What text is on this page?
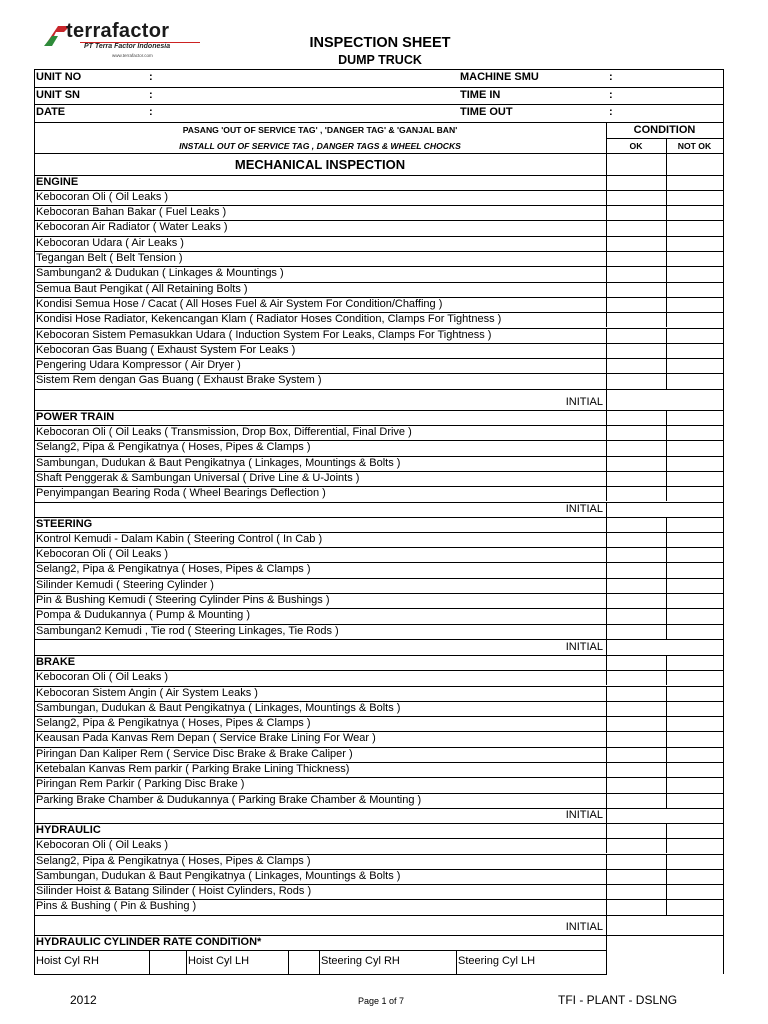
terrafactor
PT Terra Factor Indonesia
www.terrafactor.com
INSPECTION SHEET
DUMP TRUCK
UNIT NO	:	MACHINE SMU	:
UNIT SN	:	TIME IN	:
DATE	:	TIME OUT	:
PASANG 'OUT OF SERVICE TAG' , 'DANGER TAG' & 'GANJAL BAN'	CONDITION
INSTALL OUT OF SERVICE TAG , DANGER TAGS & WHEEL CHOCKS	OK	NOT OK
MECHANICAL INSPECTION
ENGINE
Kebocoran Oli ( Oil Leaks )
Kebocoran Bahan Bakar ( Fuel Leaks )
Kebocoran Air Radiator ( Water Leaks )
Kebocoran Udara ( Air Leaks )
Tegangan Belt ( Belt Tension )
Sambungan2 & Dudukan ( Linkages & Mountings )
Semua Baut Pengikat ( All Retaining Bolts )
Kondisi Semua Hose / Cacat ( All Hoses Fuel & Air System For Condition/Chaffing )
Kondisi Hose Radiator, Kekencangan Klam ( Radiator Hoses Condition, Clamps For Tightness )
Kebocoran Sistem Pemasukkan Udara ( Induction System For Leaks, Clamps For Tightness )
Kebocoran Gas Buang ( Exhaust System For Leaks )
Pengering Udara Kompressor ( Air Dryer )
Sistem Rem dengan Gas Buang ( Exhaust Brake System )
INITIAL
POWER TRAIN
Kebocoran Oli ( Oil Leaks ( Transmission, Drop Box, Differential, Final Drive )
Selang2, Pipa & Pengikatnya ( Hoses, Pipes & Clamps )
Sambungan, Dudukan & Baut Pengikatnya ( Linkages, Mountings & Bolts )
Shaft Penggerak & Sambungan Universal ( Drive Line & U-Joints )
Penyimpangan Bearing Roda ( Wheel Bearings Deflection )
INITIAL
STEERING
Kontrol Kemudi - Dalam Kabin ( Steering Control ( In Cab )
Kebocoran Oli ( Oil Leaks )
Selang2, Pipa & Pengikatnya ( Hoses, Pipes & Clamps )
Silinder Kemudi ( Steering Cylinder )
Pin & Bushing Kemudi ( Steering Cylinder Pins & Bushings )
Pompa & Dudukannya ( Pump & Mounting )
Sambungan2 Kemudi , Tie rod ( Steering Linkages, Tie Rods )
INITIAL
BRAKE
Kebocoran Oli ( Oil Leaks )
Kebocoran Sistem Angin ( Air System Leaks )
Sambungan, Dudukan & Baut Pengikatnya ( Linkages, Mountings & Bolts )
Selang2, Pipa & Pengikatnya ( Hoses, Pipes & Clamps )
Keausan Pada Kanvas Rem Depan ( Service Brake Lining For Wear )
Piringan Dan Kaliper Rem ( Service Disc Brake & Brake Caliper )
Ketebalan Kanvas Rem parkir ( Parking Brake Lining Thickness)
Piringan Rem Parkir ( Parking Disc Brake )
Parking Brake Chamber & Dudukannya ( Parking Brake Chamber & Mounting )
INITIAL
HYDRAULIC
Kebocoran Oli ( Oil Leaks )
Selang2, Pipa & Pengikatnya ( Hoses, Pipes & Clamps )
Sambungan, Dudukan & Baut Pengikatnya ( Linkages, Mountings & Bolts )
Silinder Hoist & Batang Silinder ( Hoist Cylinders, Rods )
Pins & Bushing ( Pin & Bushing )
INITIAL
HYDRAULIC CYLINDER RATE CONDITION*
Hoist Cyl RH	Hoist Cyl LH	Steering Cyl RH	Steering Cyl LH
2012	Page 1 of 7	TFI - PLANT - DSLNG
